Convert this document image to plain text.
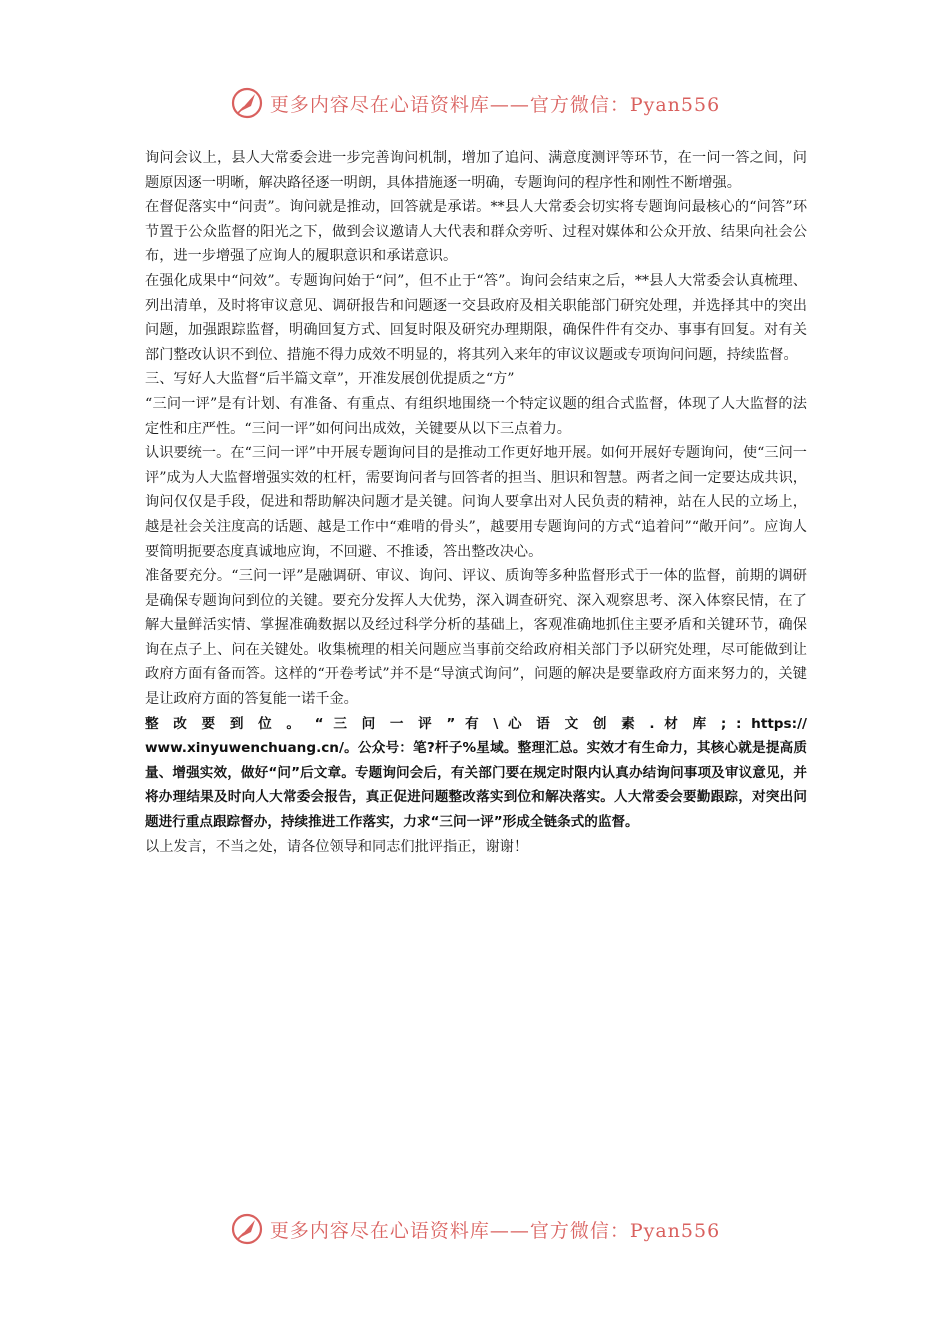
更多内容尽在心语资料库——官方微信：Pyan556

询问会议上，县人大常委会进一步完善询问机制，增加了追问、满意度测评等环节，在一问一答之间，问题原因逐一明晰，解决路径逐一明朗，具体措施逐一明确，专题询问的程序性和刚性不断增强。

在督促落实中“问责”。询问就是推动，回答就是承诺。**县人大常委会切实将专题询问最核心的“问答”环节置于公众监督的阳光之下，做到会议邀请人大代表和群众旁听、过程对媒体和公众开放、结果向社会公布，进一步增强了应询人的履职意识和承诺意识。

在强化成果中“问效”。专题询问始于“问”，但不止于“答”。询问会结束之后，**县人大常委会认真梳理、列出清单，及时将审议意见、调研报告和问题逐一交县政府及相关职能部门研究处理，并选择其中的突出问题，加强跟踪监督，明确回复方式、回复时限及研究办理期限，确保件件有交办、事事有回复。对有关部门整改认识不到位、措施不得力成效不明显的，将其列入来年的审议议题或专项询问问题，持续监督。

三、写好人大监督“后半篇文章”，开准发展创优提质之“方”

“三问一评”是有计划、有准备、有重点、有组织地围绕一个特定议题的组合式监督，体现了人大监督的法定性和庄严性。“三问一评”如何问出成效，关键要从以下三点着力。

认识要统一。在“三问一评”中开展专题询问目的是推动工作更好地开展。如何开展好专题询问，使“三问一评”成为人大监督增强实效的杠杆，需要询问者与回答者的担当、胆识和智慧。两者之间一定要达成共识，询问仅仅是手段，促进和帮助解决问题才是关键。问询人要拿出对人民负责的精神，站在人民的立场上，越是社会关注度高的话题、越是工作中“难啃的骨头”，越要用专题询问的方式“追着问”“敞开问”。应询人要简明扼要态度真诚地应询，不回避、不推诿，答出整改决心。

准备要充分。“三问一评”是融调研、审议、询问、评议、质询等多种监督形式于一体的监督，前期的调研是确保专题询问到位的关键。要充分发挥人大优势，深入调查研究、深入观察思考、深入体察民情，在了解大量鲜活实情、掌握准确数据以及经过科学分析的基础上，客观准确地抓住主要矛盾和关键环节，确保询在点子上、问在关键处。收集梳理的相关问题应当事前交给政府相关部门予以研究处理，尽可能做到让政府方面有备而答。这样的“开卷考试”并不是“导演式询问”，问题的解决是要靠政府方面来努力的，关键是让政府方面的答复能一诺千金。

整 改 要 到 位 。 “ 三 问 一 评 ” 有 \ 心 语 文 创 素 . 材 库 ; : https://

www.xinyuwenchuang.cn/。公众号：笔?杆子%星域。整理汇总。实效才有生命力，其核心就是提高质量、增强实效，做好“问”后文章。专题询问会后，有关部门要在规定时限内认真办结询问事项及审议意见，并将办理结果及时向人大常委会报告，真正促进问题整改落实到位和解决落实。人大常委会要勤跟踪，对突出问题进行重点跟踪督办，持续推进工作落实，力求“三问一评”形成全链条式的监督。

以上发言，不当之处，请各位领导和同志们批评指正，谢谢！

更多内容尽在心语资料库——官方微信：Pyan556
